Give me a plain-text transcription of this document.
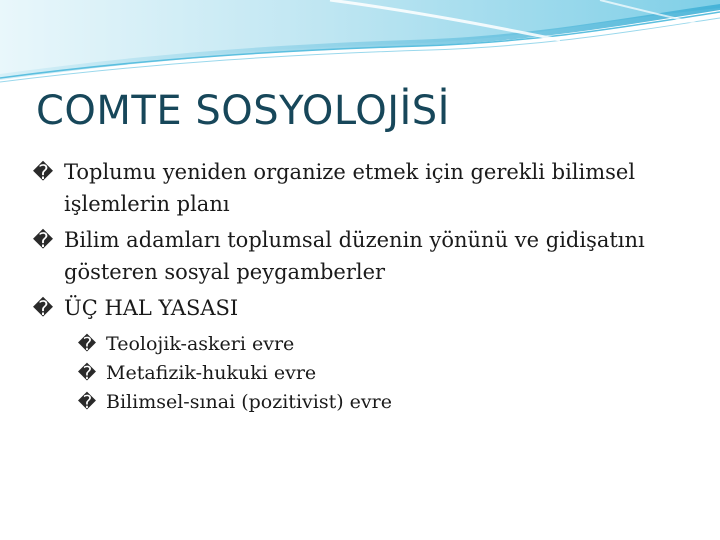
COMTE SOSYOLOJİSİ
� Toplumu yeniden organize etmek için gerekli bilimsel işlemlerin planı
� Bilim adamları toplumsal düzenin yönünü ve gidişatını gösteren sosyal peygamberler
� ÜÇ HAL YASASI
� Teolojik-askeri evre
� Metafizik-hukuki evre
� Bilimsel-sınai (pozitivist) evre
